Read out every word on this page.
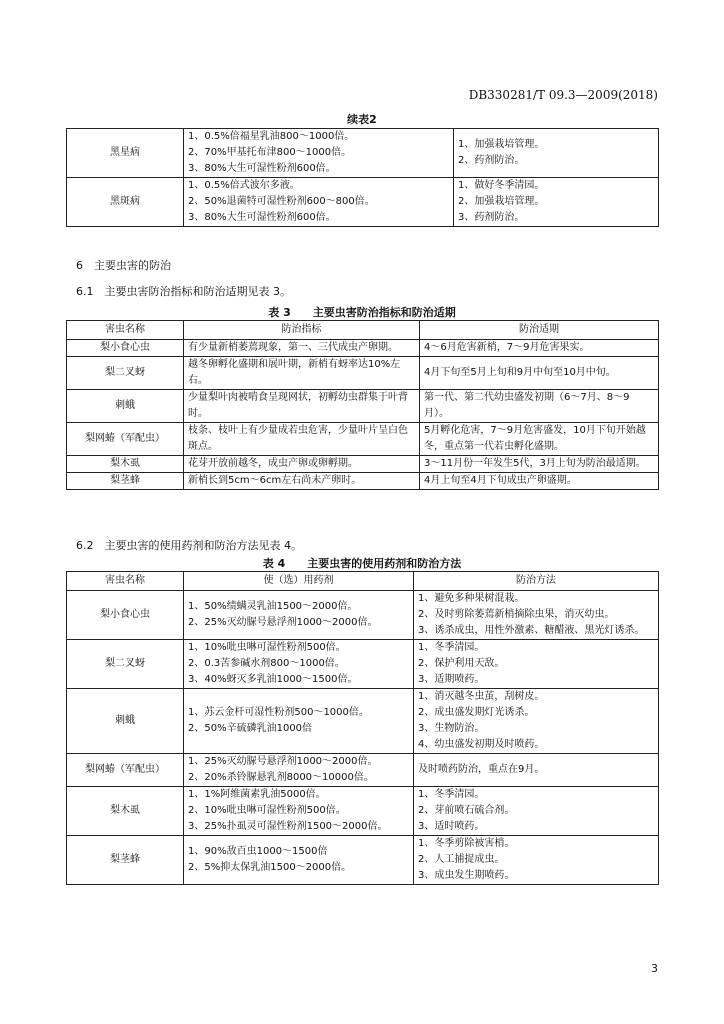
DB330281/T 09.3—2009(2018)
续表2
黑星病	1、0.5%倍福星乳油800～1000倍。
2、70%甲基托布津800～1000倍。
3、80%大生可湿性粉剂600倍。	1、加强栽培管理。
2、药剂防治。

黑斑病	1、0.5%倍式波尔多液。
2、50%退菌特可湿性粉剂600～800倍。
3、80%大生可湿性粉剂600倍。	1、做好冬季清园。
2、加强栽培管理。
3、药剂防治。
6　主要虫害的防治
6.1　主要虫害防治指标和防治适期见表 3。
表 3　　主要虫害防治指标和防治适期
害虫名称	防治指标	防治适期
梨小食心虫	有少量新梢萎蔫现象，第一、三代成虫产卵期。	4～6月危害新梢，7～9月危害果实。
梨二叉蚜	越冬卵孵化盛期和展叶期，新梢有蚜率达10%左右。	4月下旬至5月上旬和9月中旬至10月中旬。
刺蛾	少量梨叶肉被啃食呈现网状，初孵幼虫群集于叶背时。	第一代、第二代幼虫盛发初期（6～7月、8～9月）。
梨网蝽（军配虫）	枝条、枝叶上有少量成若虫危害，少量叶片呈白色斑点。	5月孵化危害，7～9月危害盛发，10月下旬开始越冬，重点第一代若虫孵化盛期。
梨木虱	花芽开放前越冬，成虫产卵或卵孵期。	3～11月份一年发生5代，3月上旬为防治最适期。
梨茎蜂	新梢长到5cm～6cm左右尚未产卵时。	4月上旬至4月下旬成虫产卵盛期。
6.2　主要虫害的使用药剂和防治方法见表 4。
表 4　　主要虫害的使用药剂和防治方法
害虫名称	使（选）用药剂	防治方法
梨小食心虫	1、50%绩螨灵乳油1500～2000倍。
2、25%灭幼脲号悬浮剂1000～2000倍。	1、避免多种果树混栽。
2、及时剪除萎蔫新梢摘除虫果，消灭幼虫。
3、诱杀成虫，用性外激素、糖醋液、黑光灯诱杀。

梨二叉蚜	1、10%吡虫啉可湿性粉剂500倍。
2、0.3苦参碱水剂800～1000倍。
3、40%蚜灭多乳油1000～1500倍。	1、冬季清园。
2、保护利用天敌。
3、适期喷药。

刺蛾	1、苏云金杆可湿性粉剂500～1000倍。
2、50%辛硫磷乳油1000倍	1、消灭越冬虫茧，刮树皮。
2、成虫盛发期灯光诱杀。
3、生物防治。
4、幼虫盛发初期及时喷药。

梨网蝽（军配虫）	1、25%灭幼脲号悬浮剂1000～2000倍。
2、20%杀铃脲悬乳剂8000～10000倍。	及时喷药防治，重点在9月。

梨木虱	1、1%阿维菌素乳油5000倍。
2、10%吡虫啉可湿性粉剂500倍。
3、25%扑虱灵可湿性粉剂1500～2000倍。	1、冬季清园。
2、芽前喷石硫合剂。
3、适时喷药。

梨茎蜂	1、90%敌百虫1000～1500倍
2、5%抑太保乳油1500～2000倍。	1、冬季剪除被害梢。
2、人工捕捉成虫。
3、成虫发生期喷药。
3
